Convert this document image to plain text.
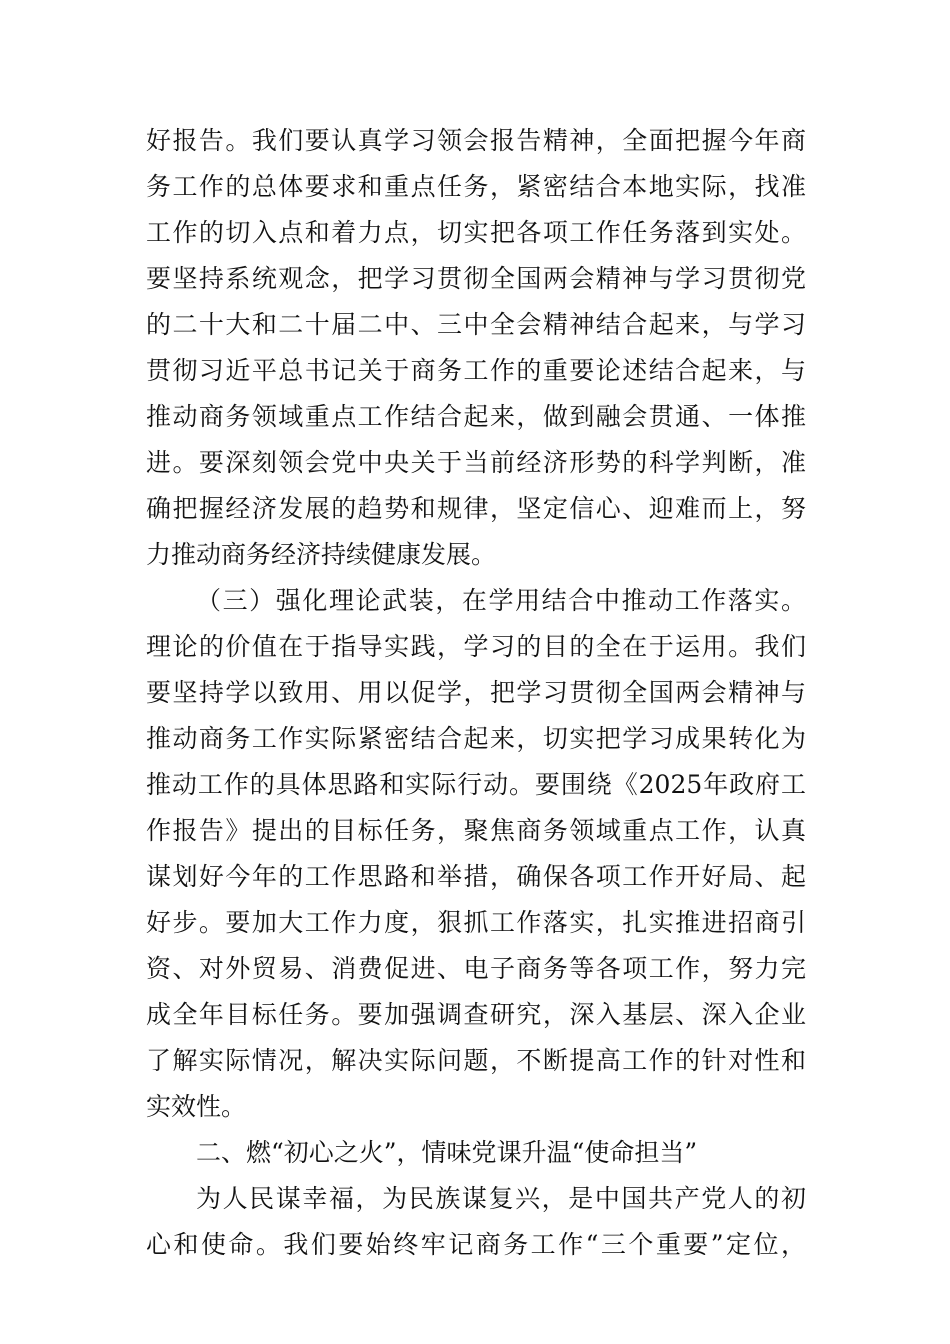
好报告。我们要认真学习领会报告精神，全面把握今年商
务工作的总体要求和重点任务，紧密结合本地实际，找准
工作的切入点和着力点，切实把各项工作任务落到实处。
要坚持系统观念，把学习贯彻全国两会精神与学习贯彻党
的二十大和二十届二中、三中全会精神结合起来，与学习
贯彻习近平总书记关于商务工作的重要论述结合起来，与
推动商务领域重点工作结合起来，做到融会贯通、一体推
进。要深刻领会党中央关于当前经济形势的科学判断，准
确把握经济发展的趋势和规律，坚定信心、迎难而上，努
力推动商务经济持续健康发展。
（三）强化理论武装，在学用结合中推动工作落实。
理论的价值在于指导实践，学习的目的全在于运用。我们
要坚持学以致用、用以促学，把学习贯彻全国两会精神与
推动商务工作实际紧密结合起来，切实把学习成果转化为
推动工作的具体思路和实际行动。要围绕《2025年政府工
作报告》提出的目标任务，聚焦商务领域重点工作，认真
谋划好今年的工作思路和举措，确保各项工作开好局、起
好步。要加大工作力度，狠抓工作落实，扎实推进招商引
资、对外贸易、消费促进、电子商务等各项工作，努力完
成全年目标任务。要加强调查研究，深入基层、深入企业
了解实际情况，解决实际问题，不断提高工作的针对性和
实效性。
二、燃“初心之火”，情味党课升温“使命担当”
为人民谋幸福，为民族谋复兴，是中国共产党人的初
心和使命。我们要始终牢记商务工作“三个重要”定位，
